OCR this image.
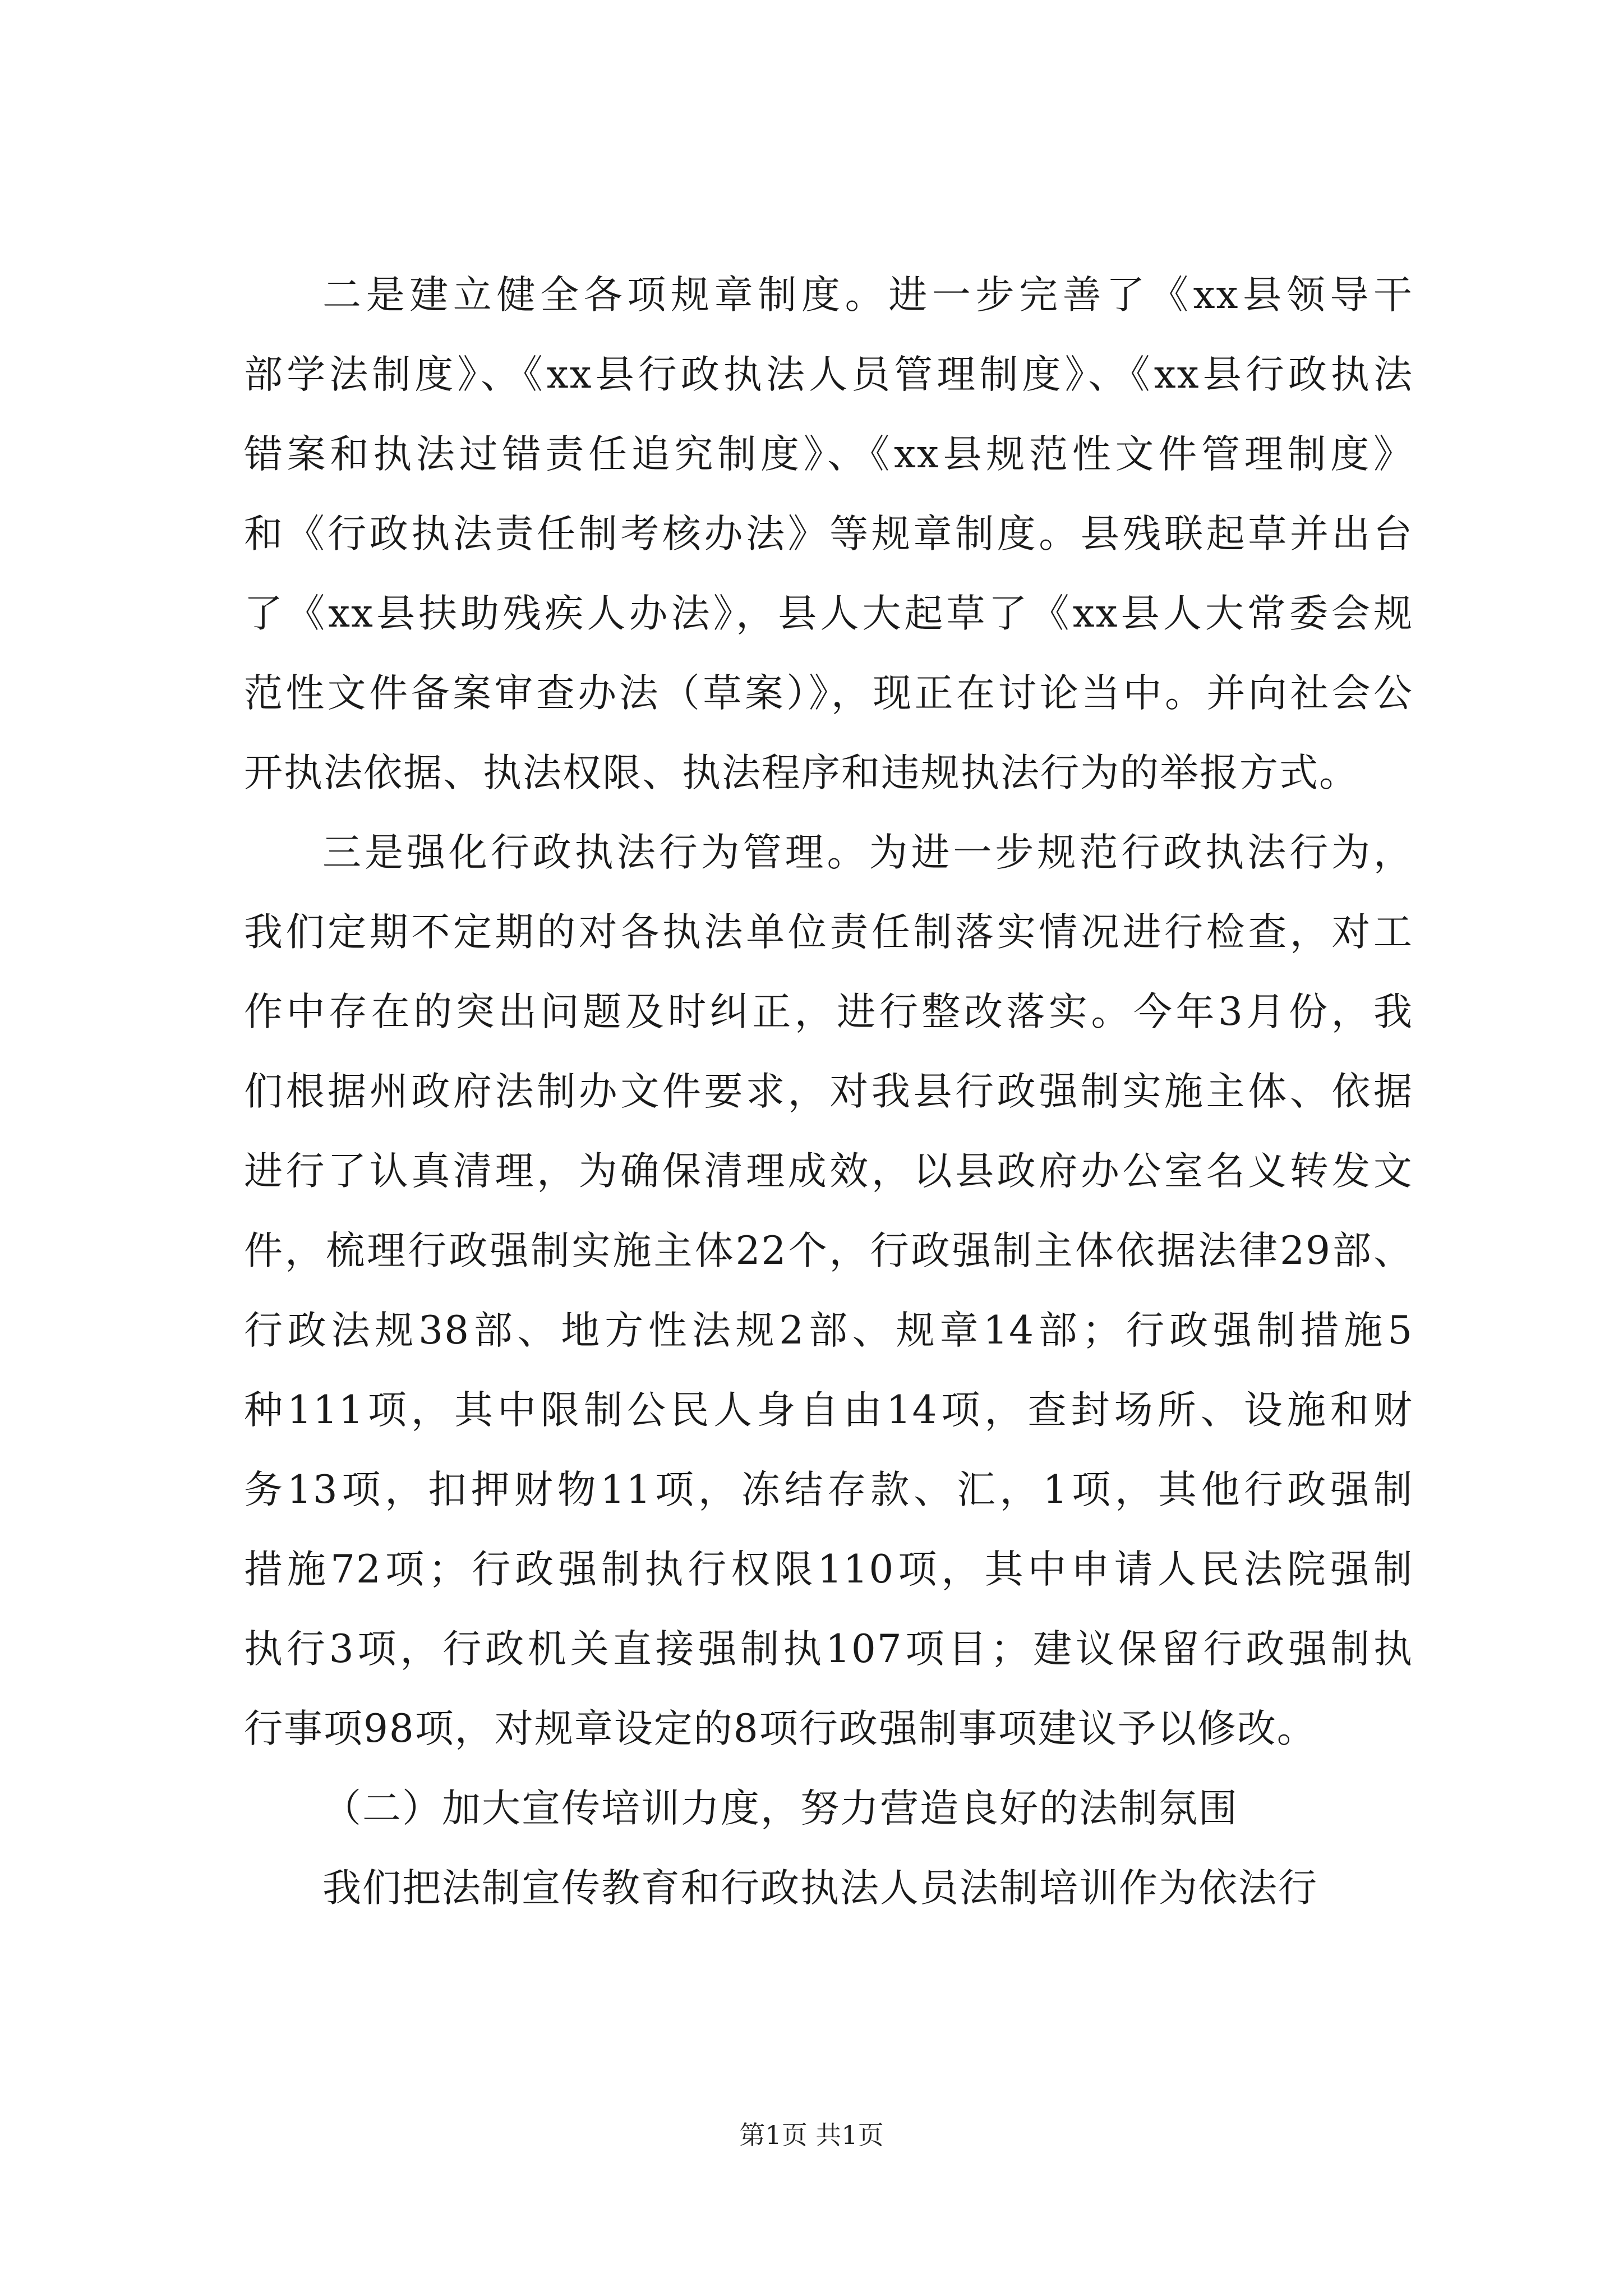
二是建立健全各项规章制度。进一步完善了《xx县领导干
部学法制度》、《xx县行政执法人员管理制度》、《xx县行政执法
错案和执法过错责任追究制度》、《xx县规范性文件管理制度》
和《行政执法责任制考核办法》等规章制度。县残联起草并出台
了《xx县扶助残疾人办法》，县人大起草了《xx县人大常委会规
范性文件备案审查办法（草案）》，现正在讨论当中。并向社会公
开执法依据、执法权限、执法程序和违规执法行为的举报方式。
三是强化行政执法行为管理。为进一步规范行政执法行为，
我们定期不定期的对各执法单位责任制落实情况进行检查，对工
作中存在的突出问题及时纠正，进行整改落实。今年3月份，我
们根据州政府法制办文件要求，对我县行政强制实施主体、依据
进行了认真清理，为确保清理成效，以县政府办公室名义转发文
件，梳理行政强制实施主体22个，行政强制主体依据法律29部、
行政法规38部、地方性法规2部、规章14部；行政强制措施5
种111项，其中限制公民人身自由14项，查封场所、设施和财
务13项，扣押财物11项，冻结存款、汇，1项，其他行政强制
措施72项；行政强制执行权限110项，其中申请人民法院强制
执行3项，行政机关直接强制执107项目；建议保留行政强制执
行事项98项，对规章设定的8项行政强制事项建议予以修改。
（二）加大宣传培训力度，努力营造良好的法制氛围
我们把法制宣传教育和行政执法人员法制培训作为依法行
第1页 共1页
